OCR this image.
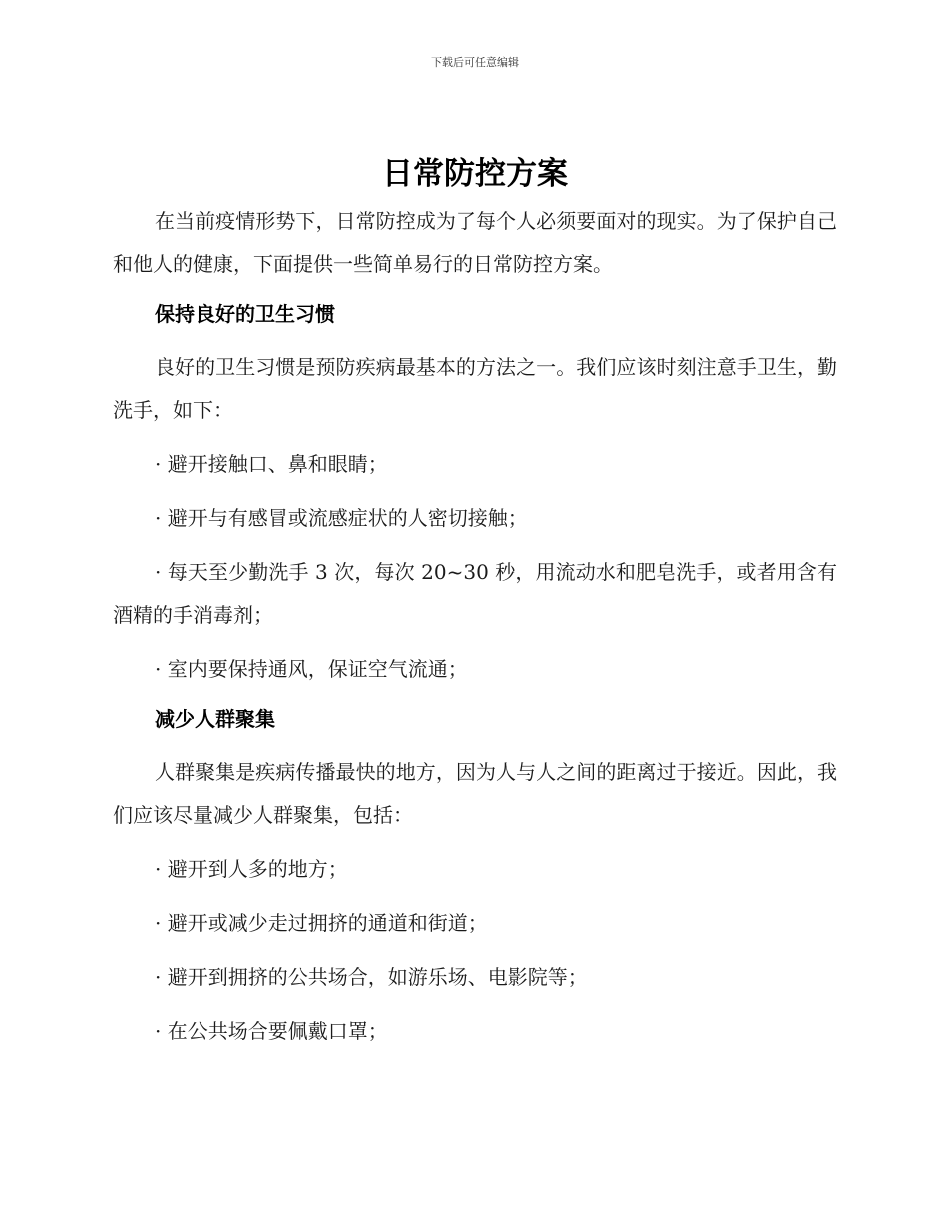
下载后可任意编辑
日常防控方案

在当前疫情形势下，日常防控成为了每个人必须要面对的现实。为了保护自己和他人的健康，下面提供一些简单易行的日常防控方案。

保持良好的卫生习惯

良好的卫生习惯是预防疾病最基本的方法之一。我们应该时刻注意手卫生，勤洗手，如下：

· 避开接触口、鼻和眼睛；

· 避开与有感冒或流感症状的人密切接触；

· 每天至少勤洗手 3 次，每次 20~30 秒，用流动水和肥皂洗手，或者用含有酒精的手消毒剂；

· 室内要保持通风，保证空气流通；

减少人群聚集

人群聚集是疾病传播最快的地方，因为人与人之间的距离过于接近。因此，我们应该尽量减少人群聚集，包括：

· 避开到人多的地方；

· 避开或减少走过拥挤的通道和街道；

· 避开到拥挤的公共场合，如游乐场、电影院等；

· 在公共场合要佩戴口罩；
